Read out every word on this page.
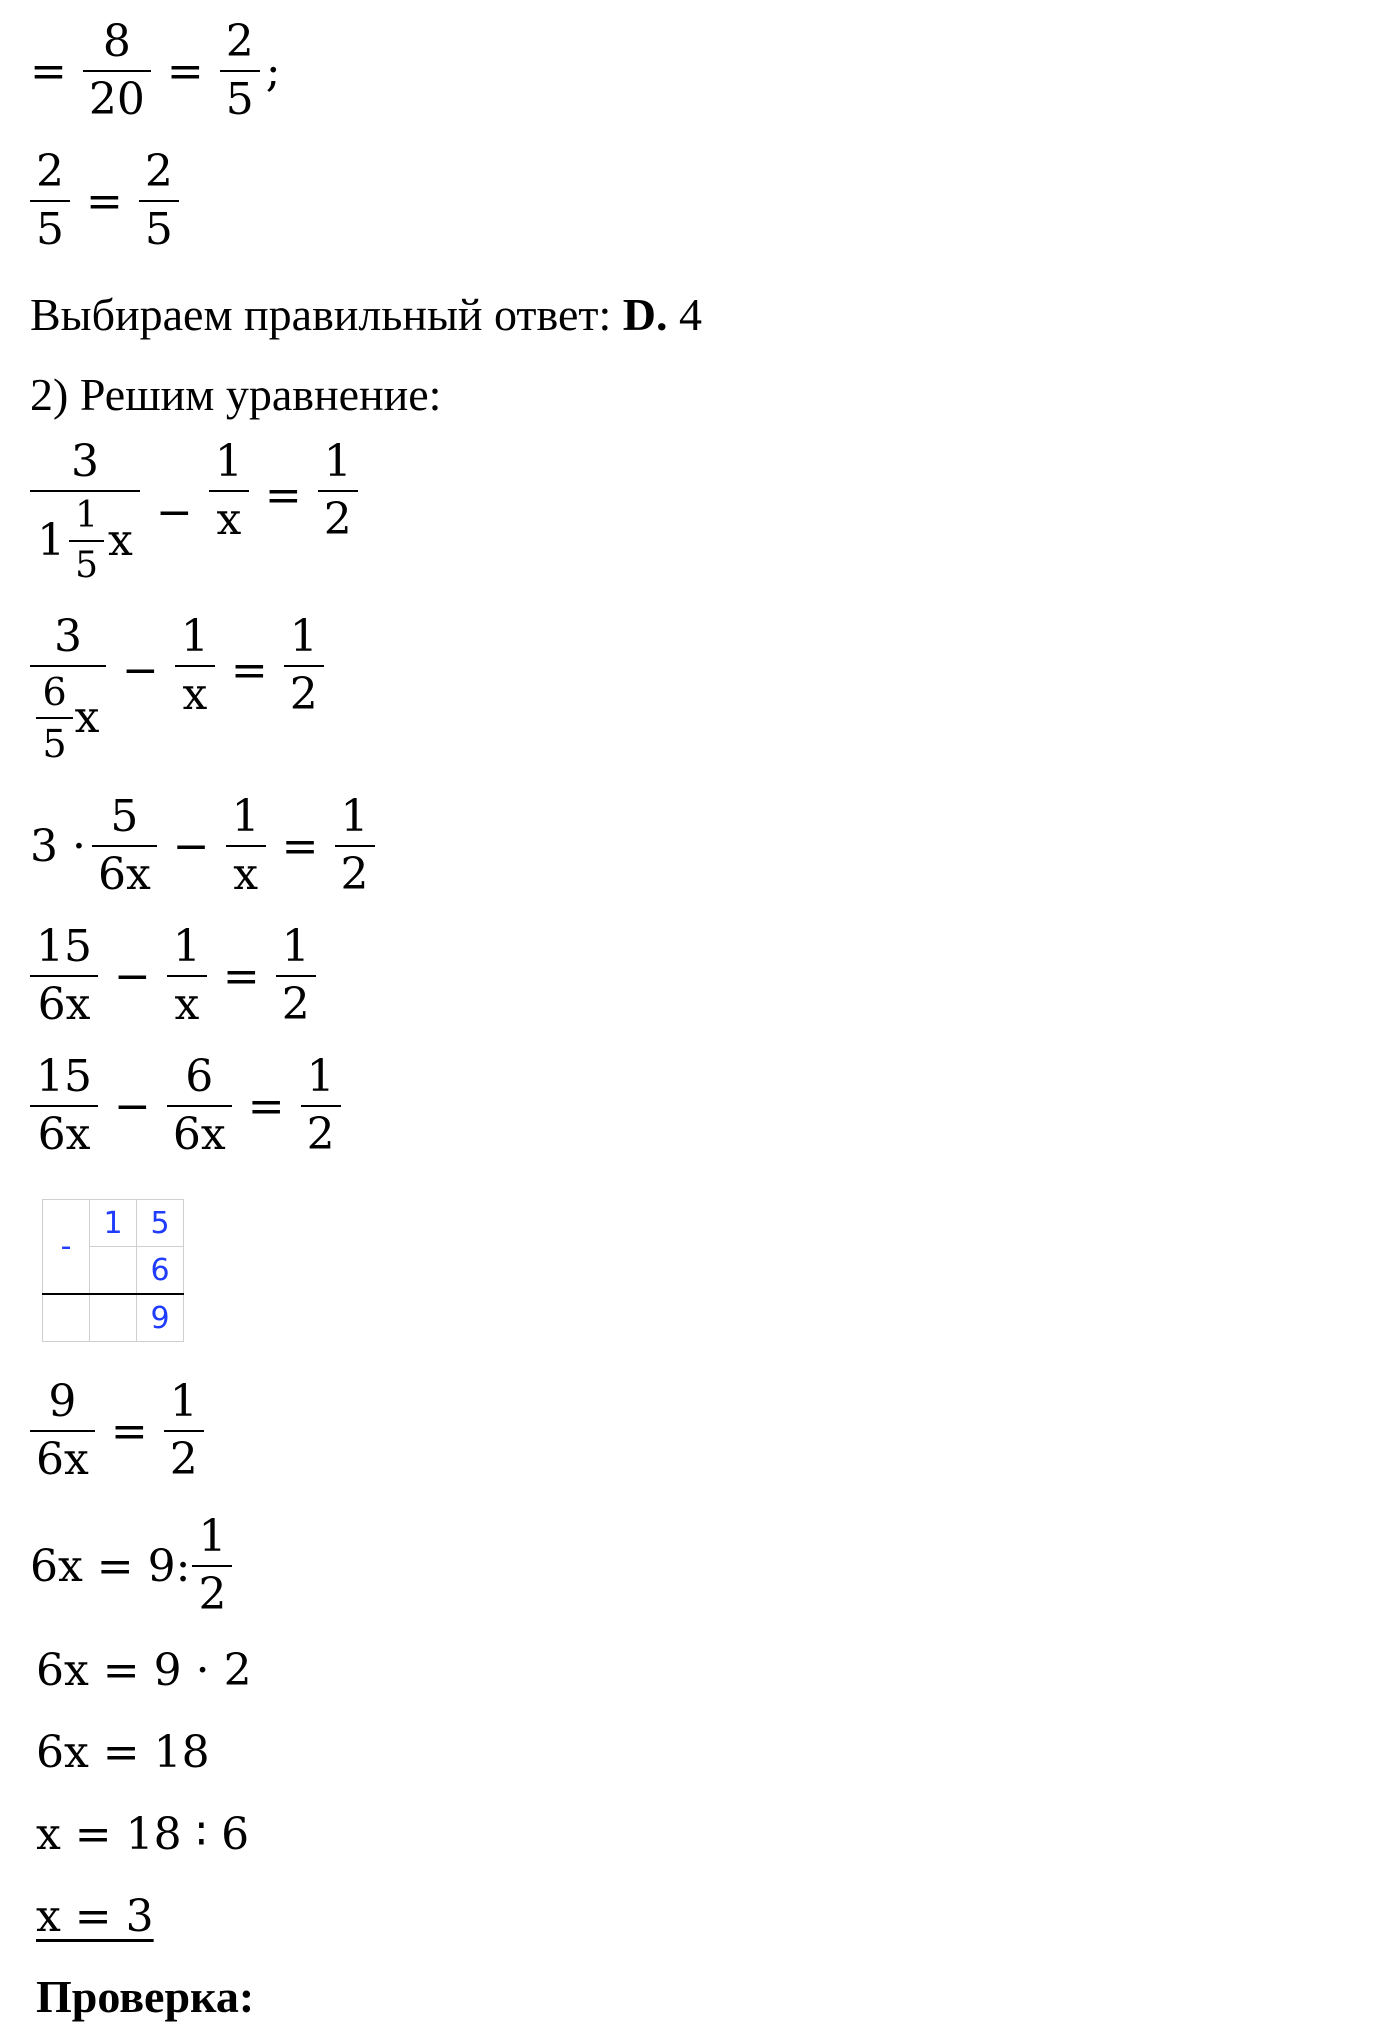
= $\frac{8}{20} = \frac{2}{5}$ ;
$\frac{2}{5} = \frac{2}{5}$
Выбираем правильный ответ:
D.
4
2) Решим уравнение:
$\frac{3}{1 \frac{1}{5} x} - \frac{1}{x} = \frac{1}{2}$
$\frac{3}{\frac{6}{5} x} - \frac{1}{x} = \frac{1}{2}$
$3 \cdot \frac{5}{6x} - \frac{1}{x} = \frac{1}{2}$
$\frac{15}{6x} - \frac{1}{x} = \frac{1}{2}$
$\frac{15}{6x} - \frac{6}{6x} = \frac{1}{2}$
-	1	5
		6
		9
$\frac{9}{6x} = \frac{1}{2}$
6x = 9: $\frac{1}{2}$
6x = 9 · 2
6x = 18
x = 18 ∶ 6
x = 3
Проверка:
